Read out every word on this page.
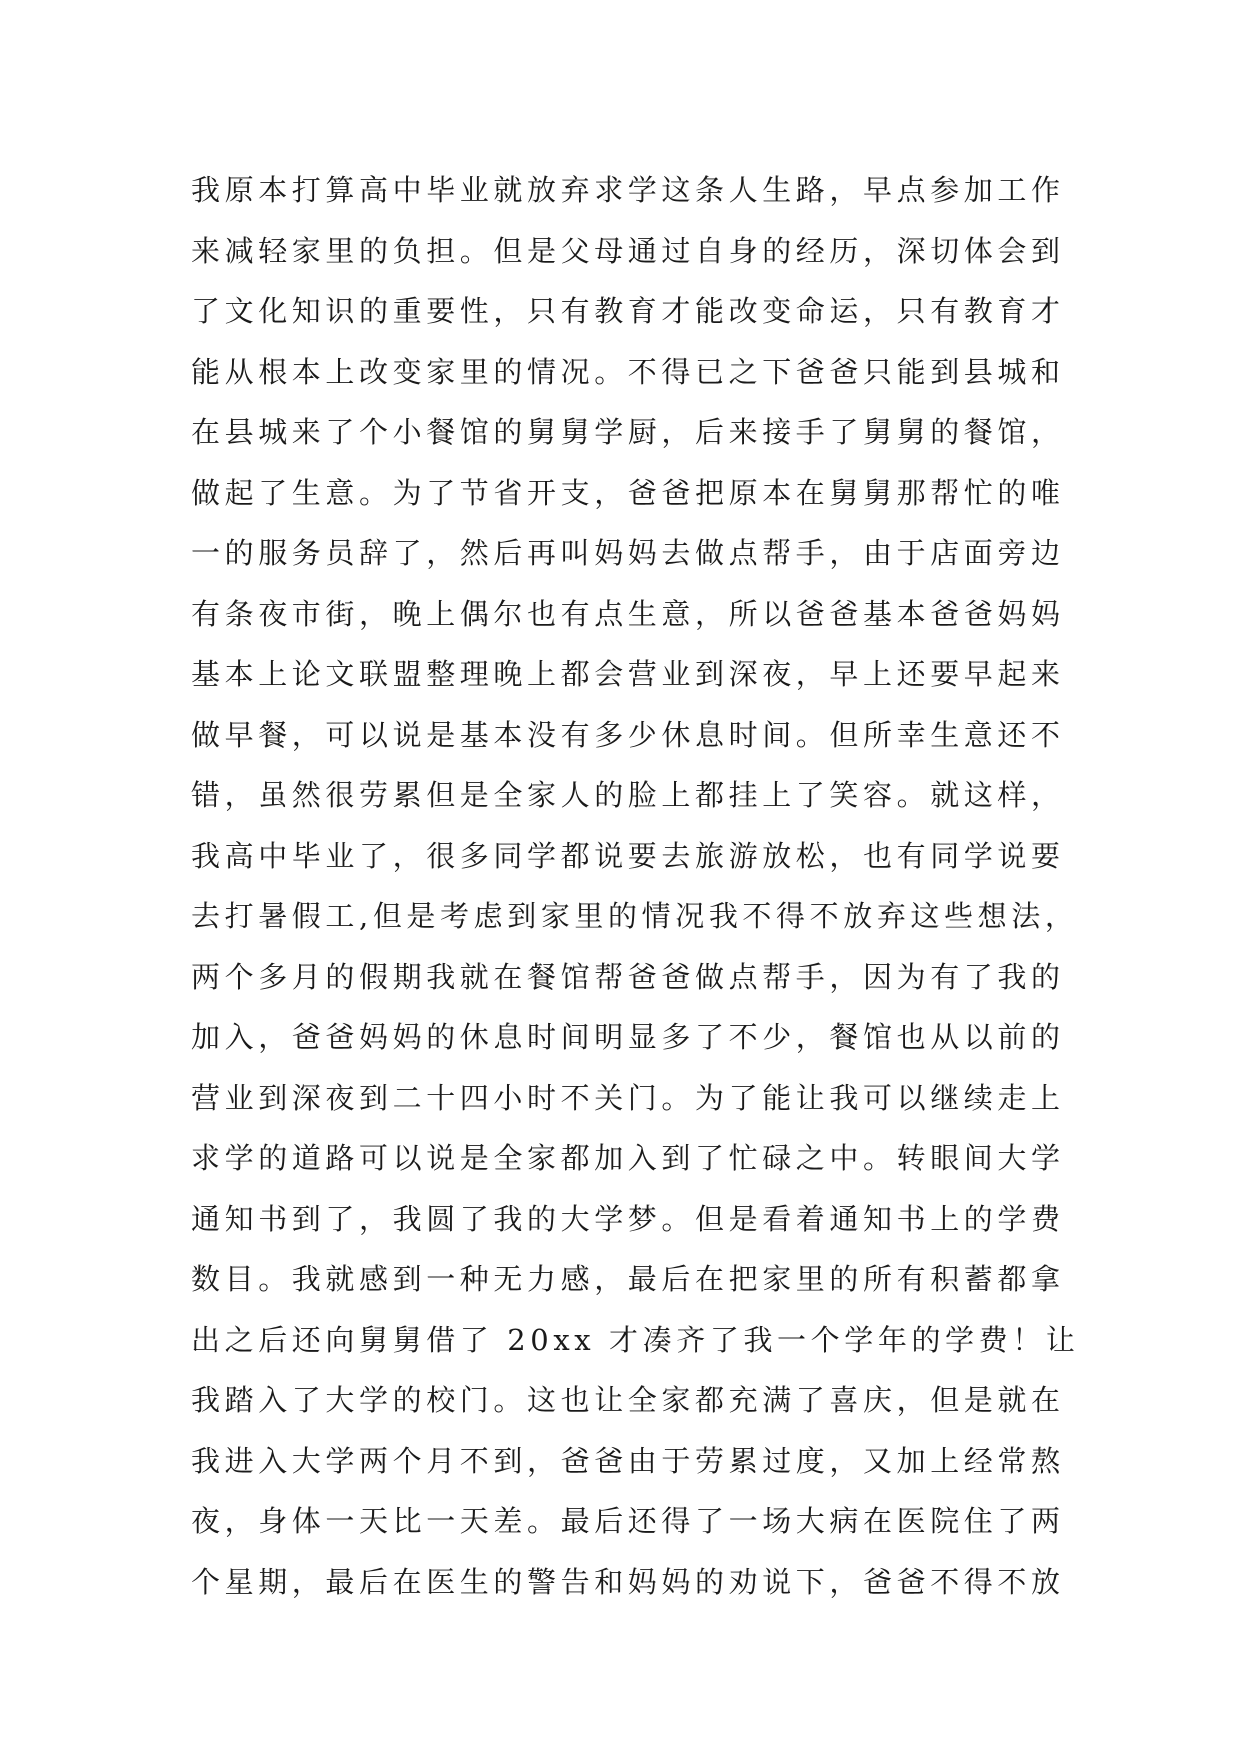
我原本打算高中毕业就放弃求学这条人生路，早点参加工作
来减轻家里的负担。但是父母通过自身的经历，深切体会到
了文化知识的重要性，只有教育才能改变命运，只有教育才
能从根本上改变家里的情况。不得已之下爸爸只能到县城和
在县城来了个小餐馆的舅舅学厨，后来接手了舅舅的餐馆，
做起了生意。为了节省开支，爸爸把原本在舅舅那帮忙的唯
一的服务员辞了，然后再叫妈妈去做点帮手，由于店面旁边
有条夜市街，晚上偶尔也有点生意，所以爸爸基本爸爸妈妈
基本上论文联盟整理晚上都会营业到深夜，早上还要早起来
做早餐，可以说是基本没有多少休息时间。但所幸生意还不
错，虽然很劳累但是全家人的脸上都挂上了笑容。就这样，
我高中毕业了，很多同学都说要去旅游放松，也有同学说要
去打暑假工,但是考虑到家里的情况我不得不放弃这些想法，
两个多月的假期我就在餐馆帮爸爸做点帮手，因为有了我的
加入，爸爸妈妈的休息时间明显多了不少，餐馆也从以前的
营业到深夜到二十四小时不关门。为了能让我可以继续走上
求学的道路可以说是全家都加入到了忙碌之中。转眼间大学
通知书到了，我圆了我的大学梦。但是看着通知书上的学费
数目。我就感到一种无力感，最后在把家里的所有积蓄都拿
出之后还向舅舅借了 20xx 才凑齐了我一个学年的学费！让
我踏入了大学的校门。这也让全家都充满了喜庆，但是就在
我进入大学两个月不到，爸爸由于劳累过度，又加上经常熬
夜，身体一天比一天差。最后还得了一场大病在医院住了两
个星期，最后在医生的警告和妈妈的劝说下，爸爸不得不放
